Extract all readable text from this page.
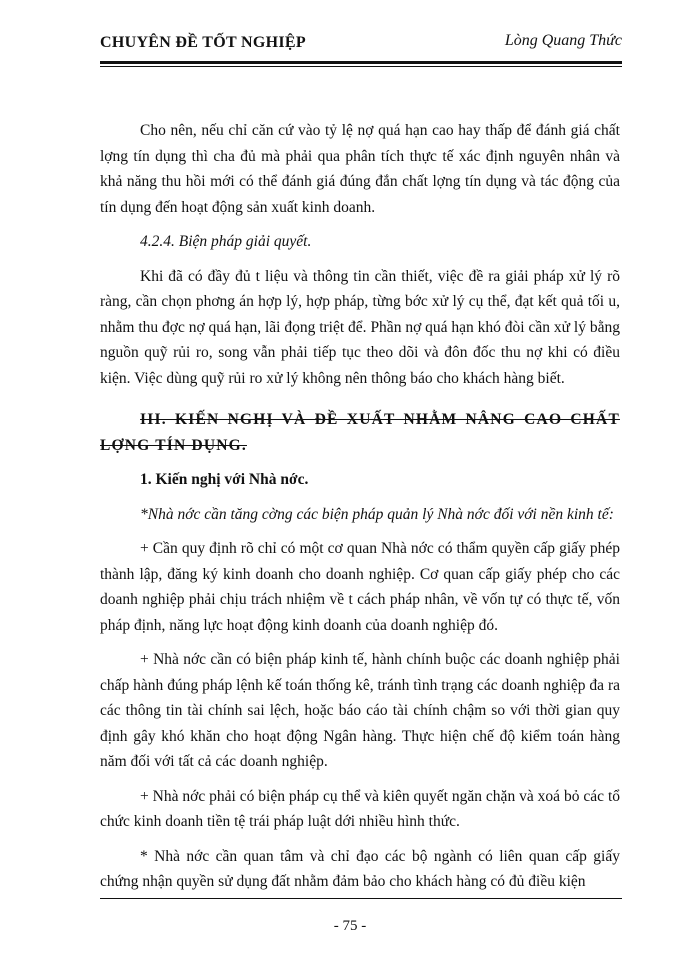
CHUYÊN ĐỀ TỐT NGHIỆP	Lòng Quang Thức

Cho nên, nếu chỉ căn cứ vào tỷ lệ nợ quá hạn cao hay thấp để đánh giá chất lợng tín dụng thì cha đủ mà phải qua phân tích thực tế xác định nguyên nhân và khả năng thu hồi mới có thể đánh giá đúng đắn chất lợng tín dụng và tác động của tín dụng đến hoạt động sản xuất kinh doanh.

4.2.4. Biện pháp giải quyết.

Khi đã có đầy đủ t liệu và thông tin cần thiết, việc đề ra giải pháp xử lý rõ ràng, cần chọn phơng án hợp lý, hợp pháp, từng bớc xử lý cụ thể, đạt kết quả tối u, nhằm thu đợc nợ quá hạn, lãi đọng triệt để. Phần nợ quá hạn khó đòi cần xử lý bằng nguồn quỹ rủi ro, song vẫn phải tiếp tục theo dõi và đôn đốc thu nợ khi có điều kiện. Việc dùng quỹ rủi ro xử lý không nên thông báo cho khách hàng biết.

III. KIẾN NGHỊ VÀ ĐỀ XUẤT NHẰM NÂNG CAO CHẤT LỢNG TÍN DỤNG.

1. Kiến nghị với Nhà nớc.

*Nhà nớc cần tăng cờng các biện pháp quản lý Nhà nớc đối với nền kinh tế:

+ Cần quy định rõ chỉ có một cơ quan Nhà nớc có thẩm quyền cấp giấy phép thành lập, đăng ký kinh doanh cho doanh nghiệp. Cơ quan cấp giấy phép cho các doanh nghiệp phải chịu trách nhiệm về t cách pháp nhân, về vốn tự có thực tế, vốn pháp định, năng lực hoạt động kinh doanh của doanh nghiệp đó.

+ Nhà nớc cần có biện pháp kinh tế, hành chính buộc các doanh nghiệp phải chấp hành đúng pháp lệnh kế toán thống kê, tránh tình trạng các doanh nghiệp đa ra các thông tin tài chính sai lệch, hoặc báo cáo tài chính chậm so với thời gian quy định gây khó khăn cho hoạt động Ngân hàng. Thực hiện chế độ kiểm toán hàng năm đối với tất cả các doanh nghiệp.

+ Nhà nớc phải có biện pháp cụ thể và kiên quyết ngăn chặn và xoá bỏ các tổ chức kinh doanh tiền tệ trái pháp luật dới nhiều hình thức.

* Nhà nớc cần quan tâm và chỉ đạo các bộ ngành có liên quan cấp giấy chứng nhận quyền sử dụng đất nhằm đảm bảo cho khách hàng có đủ điều kiện

- 75 -
